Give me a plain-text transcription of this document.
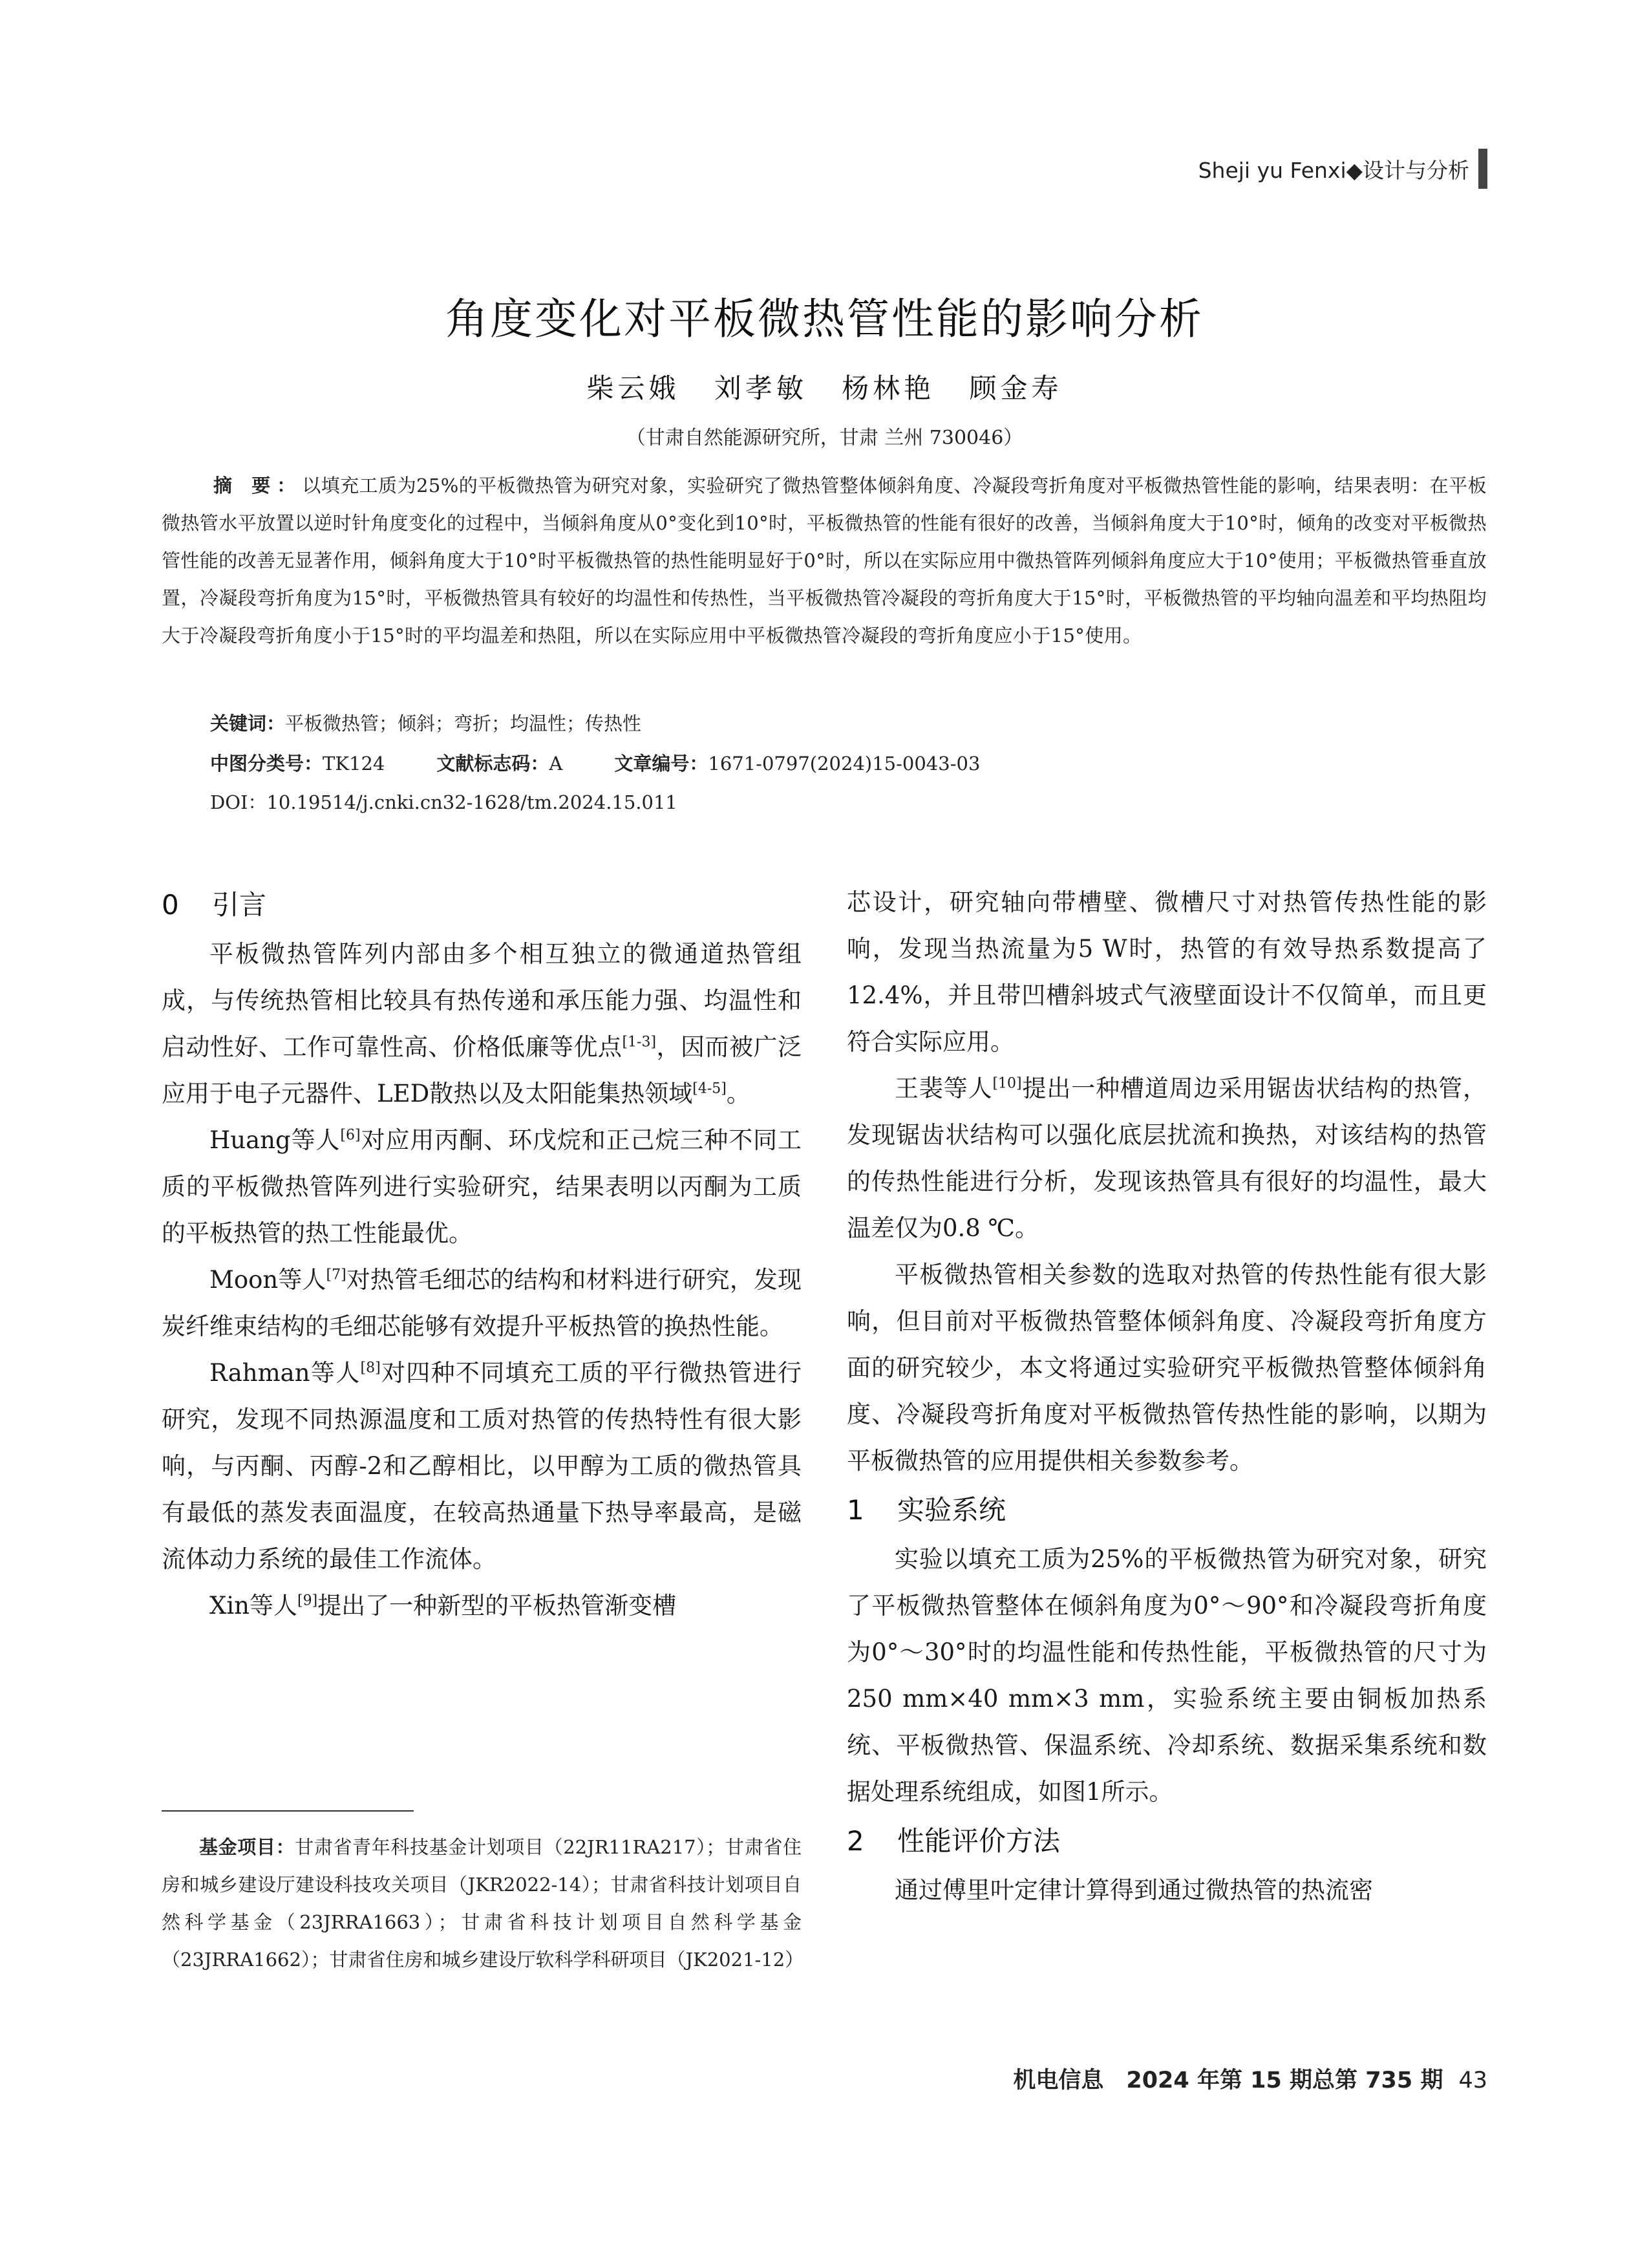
Sheji yu Fenxi◆设计与分析
角度变化对平板微热管性能的影响分析
柴云娥 刘孝敏 杨林艳 顾金寿
（甘肃自然能源研究所，甘肃 兰州 730046）
摘 要：以填充工质为25%的平板微热管为研究对象，实验研究了微热管整体倾斜角度、冷凝段弯折角度对平板微热管性能的影响，结果表明：在平板微热管水平放置以逆时针角度变化的过程中，当倾斜角度从0°变化到10°时，平板微热管的性能有很好的改善，当倾斜角度大于10°时，倾角的改变对平板微热管性能的改善无显著作用，倾斜角度大于10°时平板微热管的热性能明显好于0°时，所以在实际应用中微热管阵列倾斜角度应大于10°使用；平板微热管垂直放置，冷凝段弯折角度为15°时，平板微热管具有较好的均温性和传热性，当平板微热管冷凝段的弯折角度大于15°时，平板微热管的平均轴向温差和平均热阻均大于冷凝段弯折角度小于15°时的平均温差和热阻，所以在实际应用中平板微热管冷凝段的弯折角度应小于15°使用。
关键词：平板微热管；倾斜；弯折；均温性；传热性
中图分类号：TK124	文献标志码：A	文章编号：1671-0797(2024)15-0043-03
DOI：10.19514/j.cnki.cn32-1628/tm.2024.15.011
0 引言

平板微热管阵列内部由多个相互独立的微通道热管组成，与传统热管相比较具有热传递和承压能力强、均温性和启动性好、工作可靠性高、价格低廉等优点[1-3]，因而被广泛应用于电子元器件、LED散热以及太阳能集热领域[4-5]。

Huang等人[6]对应用丙酮、环戊烷和正己烷三种不同工质的平板微热管阵列进行实验研究，结果表明以丙酮为工质的平板热管的热工性能最优。

Moon等人[7]对热管毛细芯的结构和材料进行研究，发现炭纤维束结构的毛细芯能够有效提升平板热管的换热性能。

Rahman等人[8]对四种不同填充工质的平行微热管进行研究，发现不同热源温度和工质对热管的传热特性有很大影响，与丙酮、丙醇-2和乙醇相比，以甲醇为工质的微热管具有最低的蒸发表面温度，在较高热通量下热导率最高，是磁流体动力系统的最佳工作流体。

Xin等人[9]提出了一种新型的平板热管渐变槽

基金项目：甘肃省青年科技基金计划项目（22JR11RA217）；甘肃省住房和城乡建设厅建设科技攻关项目（JKR2022-14）；甘肃省科技计划项目自然科学基金（23JRRA1663）；甘肃省科技计划项目自然科学基金（23JRRA1662）；甘肃省住房和城乡建设厅软科学科研项目（JK2021-12）

芯设计，研究轴向带槽壁、微槽尺寸对热管传热性能的影响，发现当热流量为5 W时，热管的有效导热系数提高了12.4%，并且带凹槽斜坡式气液壁面设计不仅简单，而且更符合实际应用。

王裴等人[10]提出一种槽道周边采用锯齿状结构的热管，发现锯齿状结构可以强化底层扰流和换热，对该结构的热管的传热性能进行分析，发现该热管具有很好的均温性，最大温差仅为0.8 ℃。

平板微热管相关参数的选取对热管的传热性能有很大影响，但目前对平板微热管整体倾斜角度、冷凝段弯折角度方面的研究较少，本文将通过实验研究平板微热管整体倾斜角度、冷凝段弯折角度对平板微热管传热性能的影响，以期为平板微热管的应用提供相关参数参考。

1 实验系统

实验以填充工质为25%的平板微热管为研究对象，研究了平板微热管整体在倾斜角度为0°～90°和冷凝段弯折角度为0°～30°时的均温性能和传热性能，平板微热管的尺寸为250 mm×40 mm×3 mm，实验系统主要由铜板加热系统、平板微热管、保温系统、冷却系统、数据采集系统和数据处理系统组成，如图1所示。

2 性能评价方法

通过傅里叶定律计算得到通过微热管的热流密

机电信息　2024 年第 15 期总第 735 期 43
